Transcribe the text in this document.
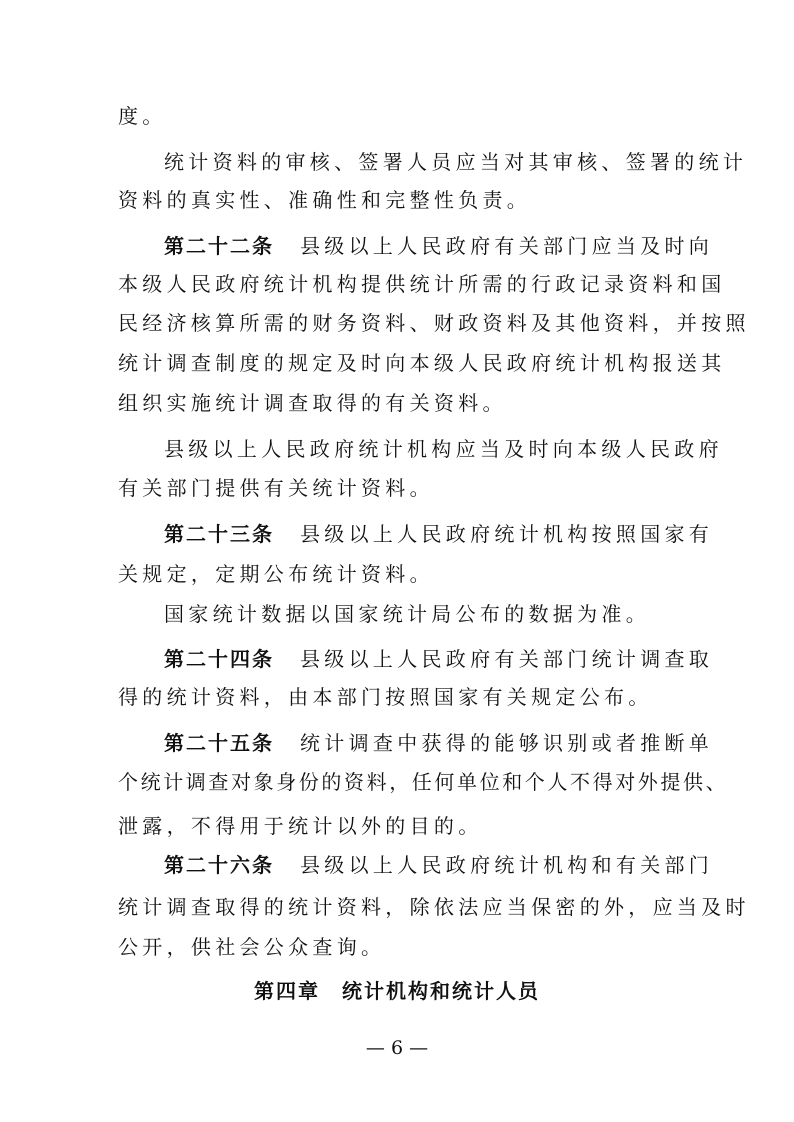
度。
统计资料的审核、签署人员应当对其审核、签署的统计
资料的真实性、准确性和完整性负责。
第二十二条 县级以上人民政府有关部门应当及时向
本级人民政府统计机构提供统计所需的行政记录资料和国
民经济核算所需的财务资料、财政资料及其他资料，并按照
统计调查制度的规定及时向本级人民政府统计机构报送其
组织实施统计调查取得的有关资料。
县级以上人民政府统计机构应当及时向本级人民政府
有关部门提供有关统计资料。
第二十三条 县级以上人民政府统计机构按照国家有
关规定，定期公布统计资料。
国家统计数据以国家统计局公布的数据为准。
第二十四条 县级以上人民政府有关部门统计调查取
得的统计资料，由本部门按照国家有关规定公布。
第二十五条 统计调查中获得的能够识别或者推断单
个统计调查对象身份的资料，任何单位和个人不得对外提供、
泄露，不得用于统计以外的目的。
第二十六条 县级以上人民政府统计机构和有关部门
统计调查取得的统计资料，除依法应当保密的外，应当及时
公开，供社会公众查询。
第四章　统计机构和统计人员
— 6 —
